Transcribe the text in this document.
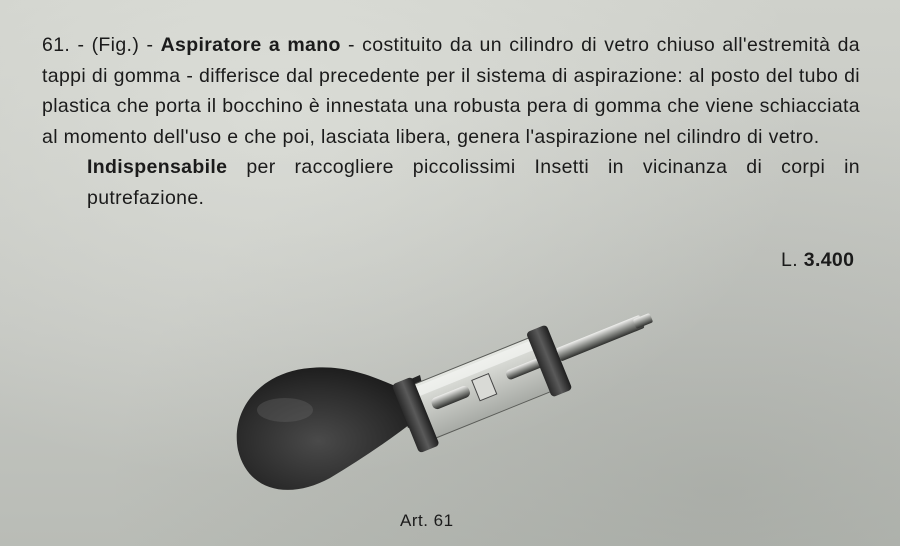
61. - (Fig.) - Aspiratore a mano - costituito da un cilindro di vetro chiuso all'estremità da tappi di gomma - differisce dal precedente per il sistema di aspirazione: al posto del tubo di plastica che porta il bocchino è innestata una robusta pera di gomma che viene schiacciata al momento dell'uso e che poi, lasciata libera, genera l'aspirazione nel cilindro di vetro.

Indispensabile per raccogliere piccolissimi Insetti in vicinanza di corpi in putrefazione.

L. 3.400
Art. 61
